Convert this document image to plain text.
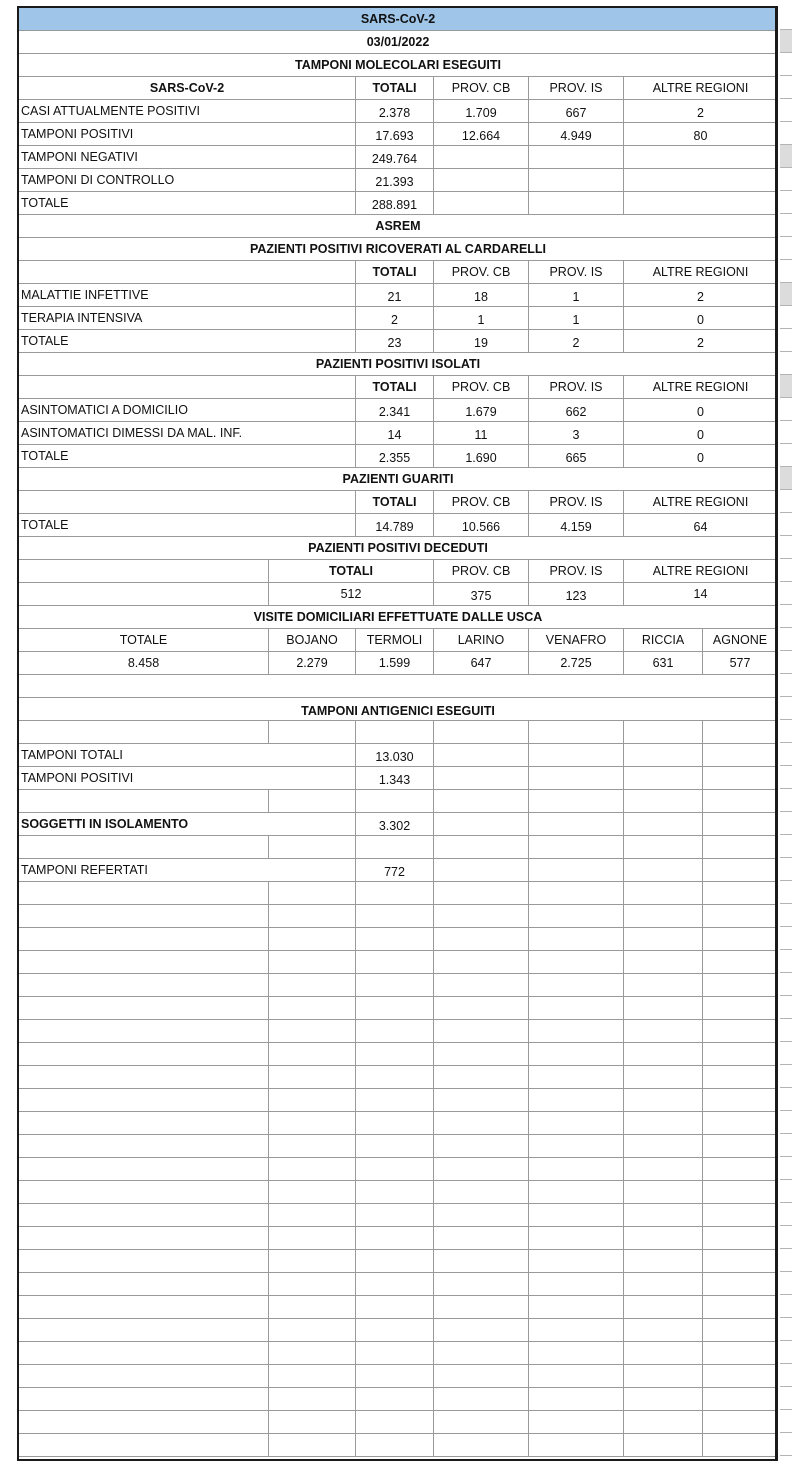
SARS-CoV-2
03/01/2022
TAMPONI MOLECOLARI ESEGUITI
SARS-CoV-2	TOTALI	PROV. CB	PROV. IS	ALTRE REGIONI
CASI ATTUALMENTE POSITIVI	2.378	1.709	667	2
TAMPONI POSITIVI	17.693	12.664	4.949	80
TAMPONI NEGATIVI	249.764
TAMPONI DI CONTROLLO	21.393
TOTALE	288.891
ASREM
PAZIENTI POSITIVI RICOVERATI AL CARDARELLI
TOTALI	PROV. CB	PROV. IS	ALTRE REGIONI
MALATTIE INFETTIVE	21	18	1	2
TERAPIA INTENSIVA	2	1	1	0
TOTALE	23	19	2	2
PAZIENTI POSITIVI ISOLATI
TOTALI	PROV. CB	PROV. IS	ALTRE REGIONI
ASINTOMATICI A DOMICILIO	2.341	1.679	662	0
ASINTOMATICI DIMESSI DA MAL. INF.	14	11	3	0
TOTALE	2.355	1.690	665	0
PAZIENTI GUARITI
TOTALI	PROV. CB	PROV. IS	ALTRE REGIONI
TOTALE	14.789	10.566	4.159	64
PAZIENTI POSITIVI DECEDUTI
TOTALI	PROV. CB	PROV. IS	ALTRE REGIONI
512	375	123	14
VISITE DOMICILIARI EFFETTUATE DALLE USCA
TOTALE	BOJANO	TERMOLI	LARINO	VENAFRO	RICCIA	AGNONE
8.458	2.279	1.599	647	2.725	631	577
TAMPONI ANTIGENICI ESEGUITI
TAMPONI TOTALI	13.030
TAMPONI POSITIVI	1.343
SOGGETTI IN ISOLAMENTO	3.302
TAMPONI REFERTATI	772
